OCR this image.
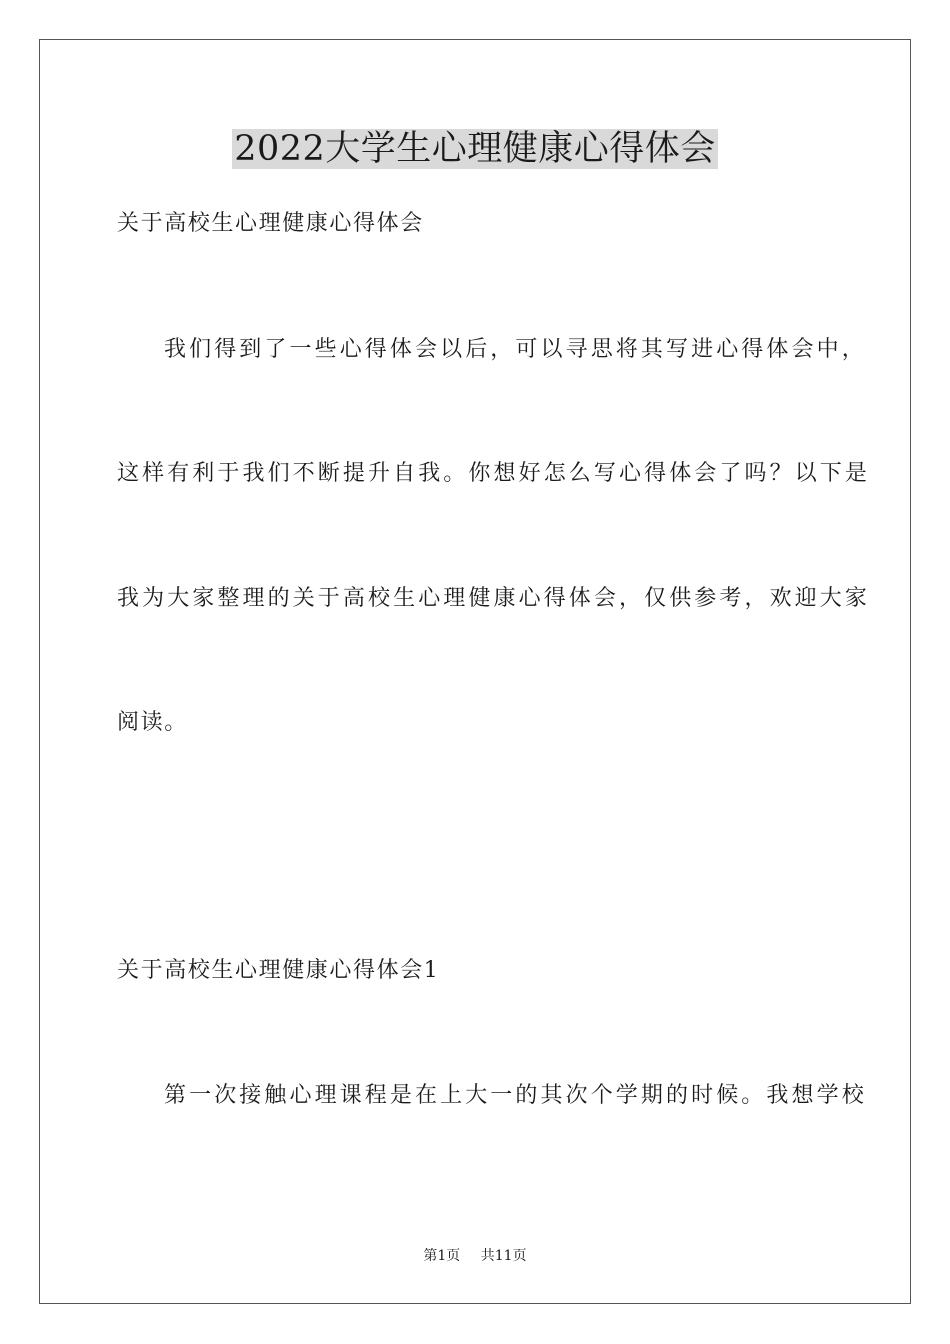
2022大学生心理健康心得体会

关于高校生心理健康心得体会

我们得到了一些心得体会以后，可以寻思将其写进心得体会中，

这样有利于我们不断提升自我。你想好怎么写心得体会了吗？以下是

我为大家整理的关于高校生心理健康心得体会，仅供参考，欢迎大家

阅读。

关于高校生心理健康心得体会1

第一次接触心理课程是在上大一的其次个学期的时候。我想学校

第1页 共11页
